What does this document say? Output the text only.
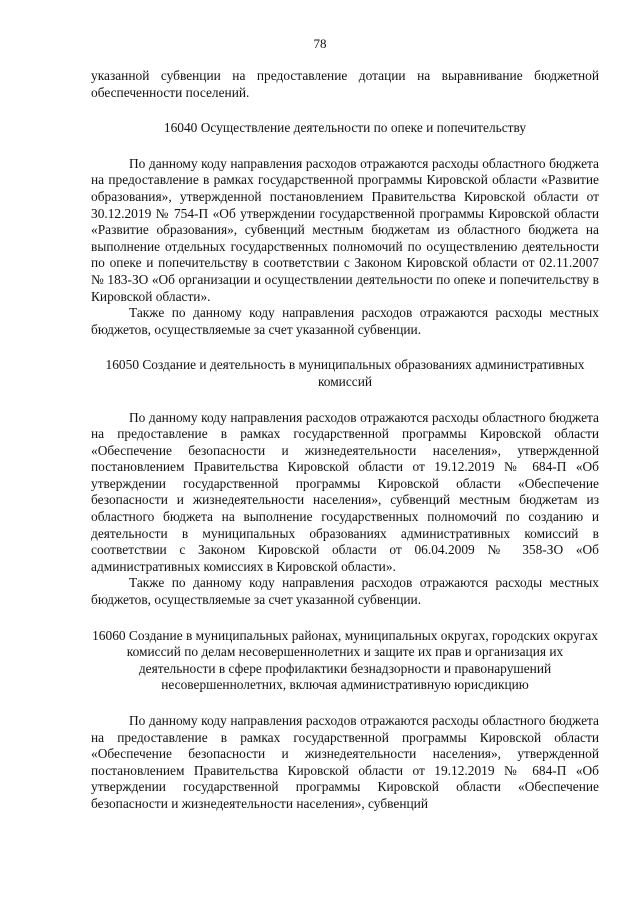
78

указанной субвенции на предоставление дотации на выравнивание бюджетной обеспеченности поселений.

16040 Осуществление деятельности по опеке и попечительству

По данному коду направления расходов отражаются расходы областного бюджета на предоставление в рамках государственной программы Кировской области «Развитие образования», утвержденной постановлением Правительства Кировской области от 30.12.2019 № 754-П «Об утверждении государственной программы Кировской области «Развитие образования», субвенций местным бюджетам из областного бюджета на выполнение отдельных государственных полномочий по осуществлению деятельности по опеке и попечительству в соответствии с Законом Кировской области от 02.11.2007 № 183-ЗО «Об организации и осуществлении деятельности по опеке и попечительству в Кировской области».

Также по данному коду направления расходов отражаются расходы местных бюджетов, осуществляемые за счет указанной субвенции.

16050 Создание и деятельность в муниципальных образованиях административных комиссий

По данному коду направления расходов отражаются расходы областного бюджета на предоставление в рамках государственной программы Кировской области «Обеспечение безопасности и жизнедеятельности населения», утвержденной постановлением Правительства Кировской области от 19.12.2019 № 684-П «Об утверждении государственной программы Кировской области «Обеспечение безопасности и жизнедеятельности населения», субвенций местным бюджетам из областного бюджета на выполнение государственных полномочий по созданию и деятельности в муниципальных образованиях административных комиссий в соответствии с Законом Кировской области от 06.04.2009 № 358-ЗО «Об административных комиссиях в Кировской области».

Также по данному коду направления расходов отражаются расходы местных бюджетов, осуществляемые за счет указанной субвенции.

16060 Создание в муниципальных районах, муниципальных округах, городских округах комиссий по делам несовершеннолетних и защите их прав и организация их деятельности в сфере профилактики безнадзорности и правонарушений несовершеннолетних, включая административную юрисдикцию

По данному коду направления расходов отражаются расходы областного бюджета на предоставление в рамках государственной программы Кировской области «Обеспечение безопасности и жизнедеятельности населения», утвержденной постановлением Правительства Кировской области от 19.12.2019 № 684-П «Об утверждении государственной программы Кировской области «Обеспечение безопасности и жизнедеятельности населения», субвенций
